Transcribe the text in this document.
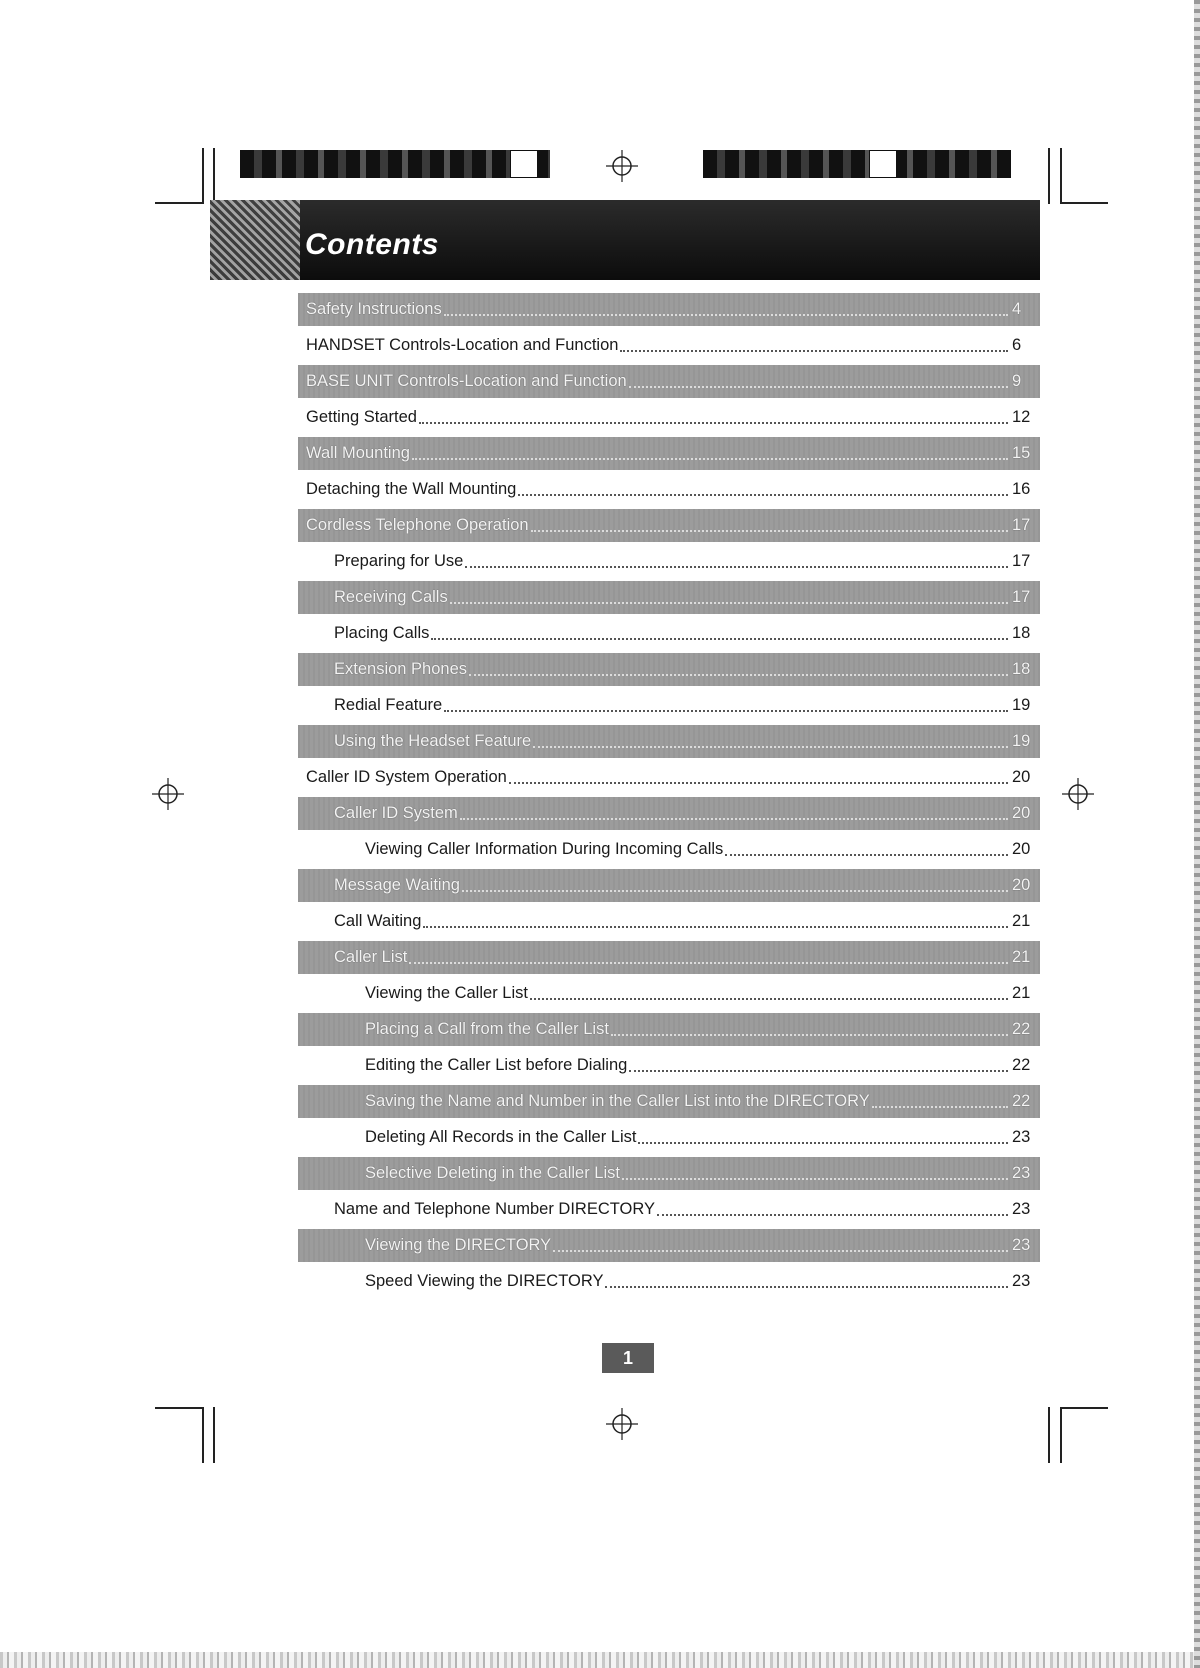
Contents
Safety Instructions	4
HANDSET Controls-Location and Function	6
BASE UNIT Controls-Location and Function	9
Getting Started	12
Wall Mounting	15
Detaching the Wall Mounting	16
Cordless Telephone Operation	17
Preparing for Use	17
Receiving Calls	17
Placing Calls	18
Extension Phones	18
Redial Feature	19
Using the Headset Feature	19
Caller ID System Operation	20
Caller ID System	20
Viewing Caller Information During Incoming Calls	20
Message Waiting	20
Call Waiting	21
Caller List	21
Viewing the Caller List	21
Placing a Call from the Caller List	22
Editing the Caller List before Dialing	22
Saving the Name and Number in the Caller List into the DIRECTORY	22
Deleting All Records in the Caller List	23
Selective Deleting in the Caller List	23
Name and Telephone Number DIRECTORY	23
Viewing the DIRECTORY	23
Speed Viewing the DIRECTORY	23
1
